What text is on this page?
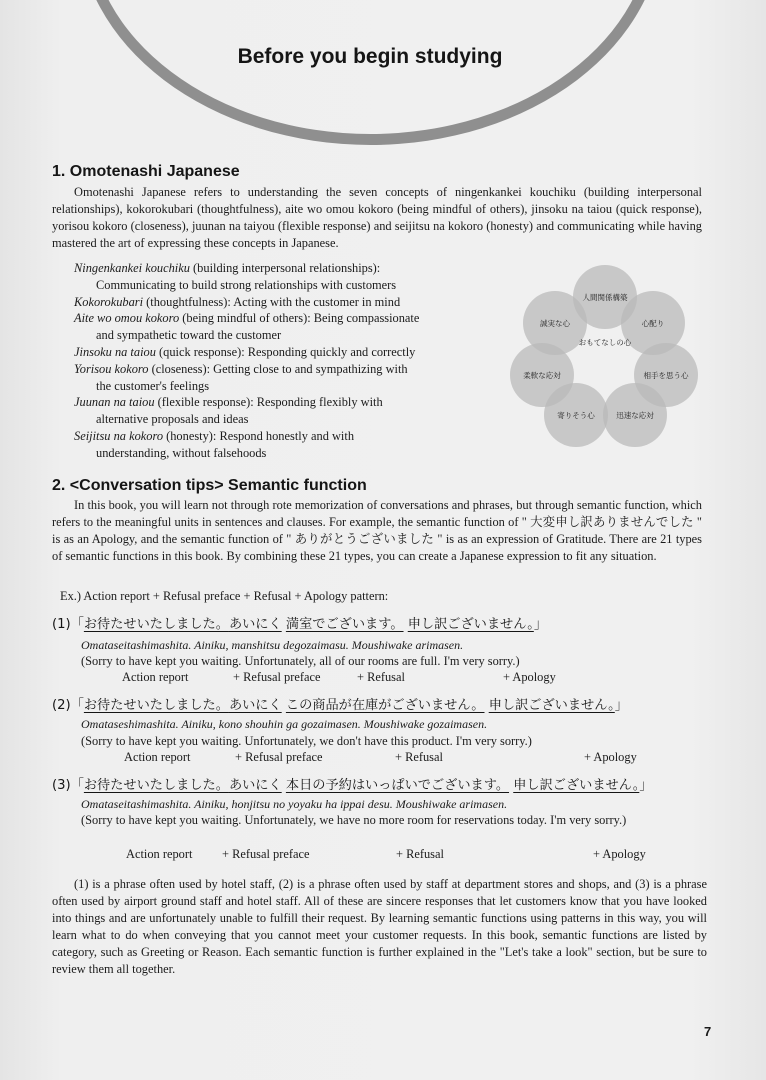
Before you begin studying
1. Omotenashi Japanese

Omotenashi Japanese refers to understanding the seven concepts of ningenkankei kouchiku (building interpersonal relationships), kokorokubari (thoughtfulness), aite wo omou kokoro (being mindful of others), jinsoku na taiou (quick response), yorisou kokoro (closeness), juunan na taiyou (flexible response) and seijitsu na kokoro (honesty) and communicating while having mastered the art of expressing these concepts in Japanese.

Ningenkankei kouchiku (building interpersonal relationships):
Communicating to build strong relationships with customers
Kokorokubari (thoughtfulness): Acting with the customer in mind
Aite wo omou kokoro (being mindful of others): Being compassionate
and sympathetic toward the customer
Jinsoku na taiou (quick response): Responding quickly and correctly
Yorisou kokoro (closeness): Getting close to and sympathizing with
the customer's feelings
Juunan na taiou (flexible response): Responding flexibly with
alternative proposals and ideas
Seijitsu na kokoro (honesty): Respond honestly and with
understanding, without falsehoods
人間関係構築
心配り
相手を思う心
迅速な応対
寄りそう心
柔軟な応対
誠実な心
おもてなしの心
2. <Conversation tips> Semantic function

In this book, you will learn not through rote memorization of conversations and phrases, but through semantic function, which refers to the meaningful units in sentences and clauses. For example, the semantic function of " 大変申し訳ありませんでした " is as an Apology, and the semantic function of " ありがとうございました " is as an expression of Gratitude. There are 21 types of semantic functions in this book. By combining these 21 types, you can create a Japanese expression to fit any situation.

Ex.) Action report + Refusal preface + Refusal + Apology pattern:
(1)「お待たせいたしました。あいにく 満室でございます。 申し訳ございません。」
Omataseitashimashita. Ainiku, manshitsu degozaimasu. Moushiwake arimasen.
(Sorry to have kept you waiting. Unfortunately, all of our rooms are full. I'm very sorry.)
Action report	+ Refusal preface	+ Refusal	+ Apology
(2)「お待たせいたしました。あいにく この商品が在庫がございません。 申し訳ございません。」
Omataseshimashita. Ainiku, kono shouhin ga gozaimasen. Moushiwake gozaimasen.
(Sorry to have kept you waiting. Unfortunately, we don't have this product. I'm very sorry.)
Action report	+ Refusal preface	+ Refusal	+ Apology
(3)「お待たせいたしました。あいにく 本日の予約はいっぱいでございます。 申し訳ございません。」
Omataseitashimashita. Ainiku, honjitsu no yoyaku ha ippai desu. Moushiwake arimasen.
(Sorry to have kept you waiting. Unfortunately, we have no more room for reservations today. I'm very sorry.)
Action report + Refusal preface	+ Refusal	+ Apology

(1) is a phrase often used by hotel staff, (2) is a phrase often used by staff at department stores and shops, and (3) is a phrase often used by airport ground staff and hotel staff. All of these are sincere responses that let customers know that you have looked into things and are unfortunately unable to fulfill their request. By learning semantic functions using patterns in this way, you will learn what to do when conveying that you cannot meet your customer requests. In this book, semantic functions are listed by category, such as Greeting or Reason. Each semantic function is further explained in the "Let's take a look" section, but be sure to review them all together.

7
